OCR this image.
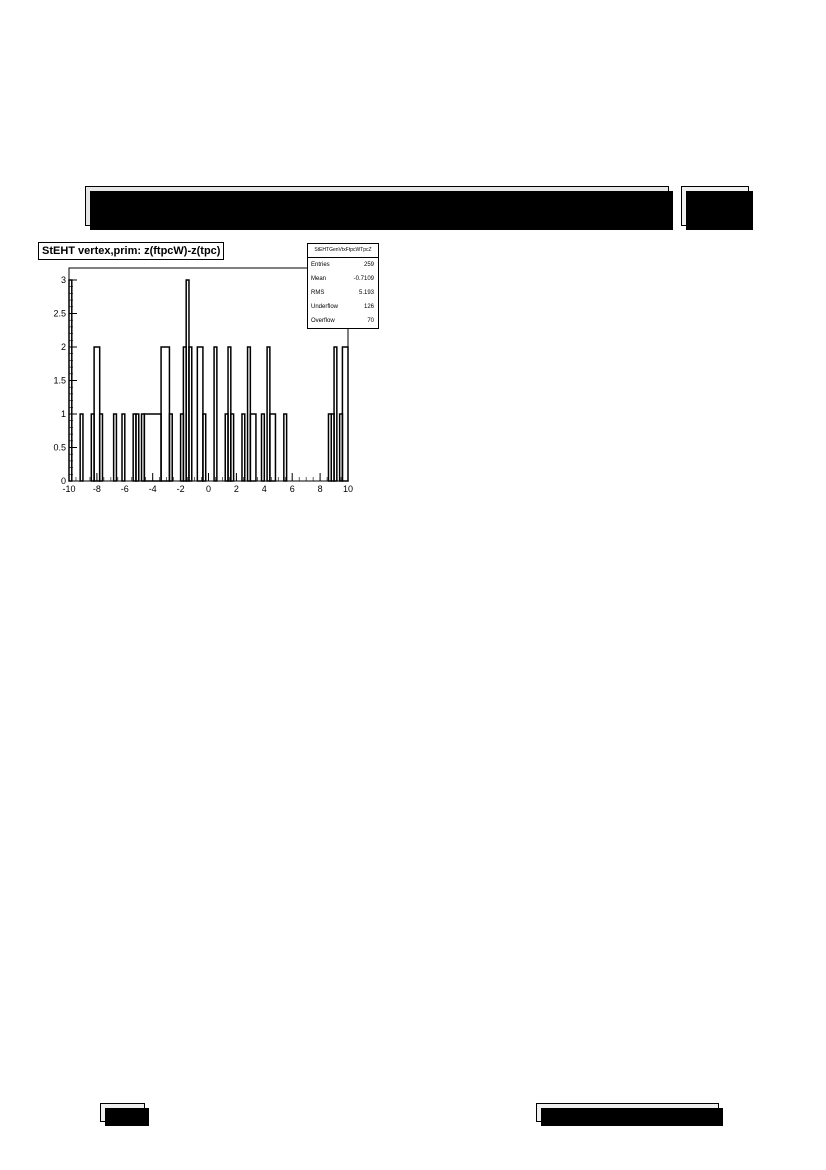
st_physics_7086004_raw_1030002.hist.root	High Tower
Hists
0
0.5
1
1.5
2
2.5
3
-10 -8 -6 -4 -2 0	2	4	6	8 10
StEHT vertex,prim: z(ftpcW)-z(tpc)	StEHTGenVtxFtpcWTpcZ
Entries	259
Mean	-0.7109
RMS	5.193
Underflow	126
Overflow	70
19	Sun Apr 2 14:03:41 2006
